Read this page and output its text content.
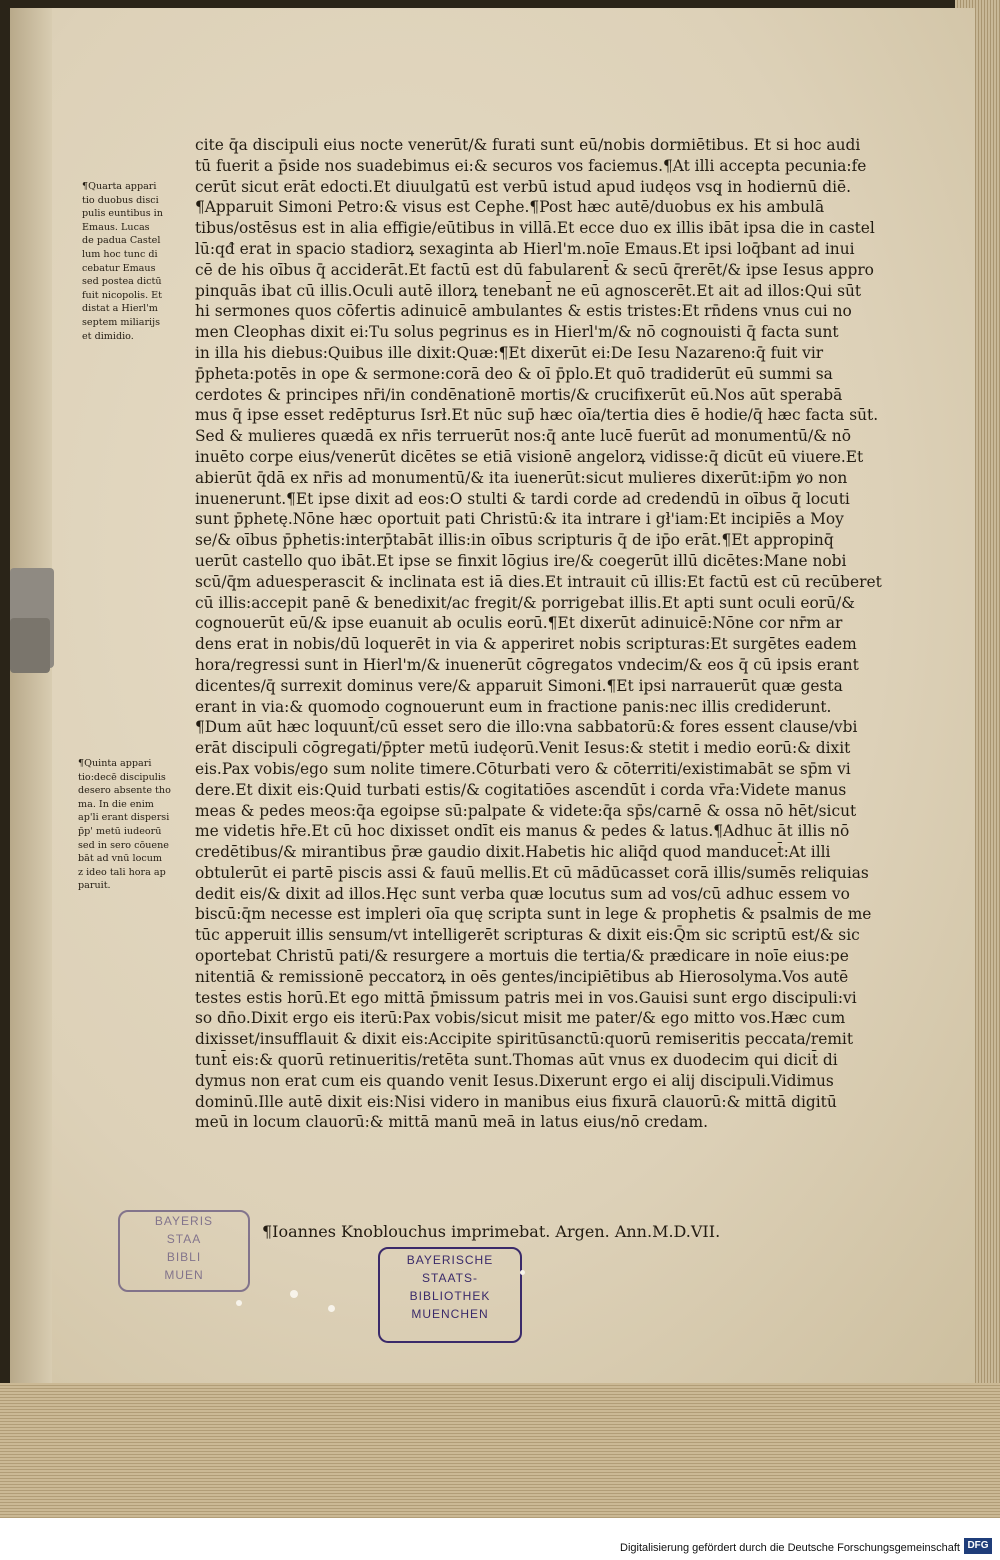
¶Quarta appari
tio duobus disci
pulis euntibus in
Emaus. Lucas
de padua Castel
lum hoc tunc di
cebatur Emaus
sed postea dictū
fuit nicopolis. Et
distat a Hierl'm
septem miliarijs
et dimidio.
¶Quinta appari
tio:decē discipulis
desero absente tho
ma. In die enim
ap'li erant dispersi
p̄p' metū iudeorū
sed in sero cōuene
bāt ad vnū locum
z ideo tali hora ap
paruit.
cite q̄a discipuli eius nocte venerūt/& furati sunt eū/nobis dormiētibus. Et si hoc audi
tū fuerit a p̄side nos suadebimus ei:& securos vos faciemus.¶At illi accepta pecunia:fe
cerūt sicut erāt edocti.Et diuulgatū est verbū istud apud iudęos vsq̧ in hodiernū diē.
¶Apparuit Simoni Petro:& visus est Cephe.¶Post hæc autē/duobus ex his ambulā
tibus/ostēsus est in alia effigie/eūtibus in villā.Et ecce duo ex illis ibāt ipsa die in castel
lū:qđ erat in spacio stadiorꝝ sexaginta ab Hierl'm.noīe Emaus.Et ipsi loq̄bant ad inui
cē de his oībus q̄ acciderāt.Et factū est dū fabularent̄ & secū q̄rerēt/& ipse Iesus appro
pinquās ibat cū illis.Oculi autē illorꝝ tenebant̄ ne eū agnoscerēt.Et ait ad illos:Qui sūt
hi sermones quos cōfertis adinuicē ambulantes & estis tristes:Et rn̄dens vnus cui no
men Cleophas dixit ei:Tu solus pegrinus es in Hierl'm/& nō cognouisti q̄ facta sunt
in illa his diebus:Quibus ille dixit:Quæ:¶Et dixerūt ei:De Iesu Nazareno:q̄ fuit vir
p̄pheta:potēs in ope & sermone:corā deo & oī p̄plo.Et quō tradiderūt eū summi sa
cerdotes & principes nr̄i/in condēnationē mortis/& crucifixerūt eū.Nos aūt sperabā
mus q̄ ipse esset redēpturus Isrł.Et nūc sup̄ hæc oīa/tertia dies ē hodie/q̄ hæc facta sūt.
Sed & mulieres quædā ex nr̄is terruerūt nos:q̄ ante lucē fuerūt ad monumentū/& nō
inuēto corpe eius/venerūt dicētes se etiā visionē angelorꝝ vidisse:q̄ dicūt eū viuere.Et
abierūt q̄dā ex nr̄is ad monumentū/& ita iuenerūt:sicut mulieres dixerūt:ip̄m ꝟo non
inuenerunt.¶Et ipse dixit ad eos:O stulti & tardi corde ad credendū in oībus q̄ locuti
sunt p̄phetę.Nōne hæc oportuit pati Christū:& ita intrare i gł'iam:Et incipiēs a Moy
se/& oībus p̄phetis:interp̄tabāt illis:in oībus scripturis q̄ de ip̄o erāt.¶Et appropinq̄
uerūt castello quo ibāt.Et ipse se finxit lōgius ire/& coegerūt illū dicētes:Mane nobi
scū/q̄m aduesperascit & inclinata est iā dies.Et intrauit cū illis:Et factū est cū recūberet
cū illis:accepit panē & benedixit/ac fregit/& porrigebat illis.Et apti sunt oculi eorū/&
cognouerūt eū/& ipse euanuit ab oculis eorū.¶Et dixerūt adinuicē:Nōne cor nr̄m ar
dens erat in nobis/dū loquerēt in via & apperiret nobis scripturas:Et surgētes eadem
hora/regressi sunt in Hierl'm/& inuenerūt cōgregatos vndecim/& eos q̄ cū ipsis erant
dicentes/q̄ surrexit dominus vere/& apparuit Simoni.¶Et ipsi narrauerūt quæ gesta
erant in via:& quomodo cognouerunt eum in fractione panis:nec illis crediderunt.
¶Dum aūt hæc loquunt̄/cū esset sero die illo:vna sabbatorū:& fores essent clause/vbi
erāt discipuli cōgregati/p̄pter metū iudęorū.Venit Iesus:& stetit i medio eorū:& dixit
eis.Pax vobis/ego sum nolite timere.Cōturbati vero & cōterriti/existimabāt se sp̄m vi
dere.Et dixit eis:Quid turbati estis/& cogitatiōes ascendūt i corda vr̄a:Videte manus
meas & pedes meos:q̄a egoipse sū:palpate & videte:q̄a sp̄s/carnē & ossa nō hēt/sicut
me videtis hr̄e.Et cū hoc dixisset ondīt eis manus & pedes & latus.¶Adhuc āt illis nō
credētibus/& mirantibus p̄ræ gaudio dixit.Habetis hic aliq̄d quod manducet̄:At illi
obtulerūt ei partē piscis assi & fauū mellis.Et cū mādūcasset corā illis/sumēs reliquias
dedit eis/& dixit ad illos.Hęc sunt verba quæ locutus sum ad vos/cū adhuc essem vo
biscū:q̄m necesse est impleri oīa quę scripta sunt in lege & prophetis & psalmis de me
tūc apperuit illis sensum/vt intelligerēt scripturas & dixit eis:Q̄m sic scriptū est/& sic
oportebat Christū pati/& resurgere a mortuis die tertia/& prædicare in noīe eius:pe
nitentiā & remissionē peccatorꝝ in oēs gentes/incipiētibus ab Hierosolyma.Vos autē
testes estis horū.Et ego mittā p̄missum patris mei in vos.Gauisi sunt ergo discipuli:vi
so dn̄o.Dixit ergo eis iterū:Pax vobis/sicut misit me pater/& ego mitto vos.Hæc cum
dixisset/insufflauit & dixit eis:Accipite spiritūsanctū:quorū remiseritis peccata/remit
tunt̄ eis:& quorū retinueritis/retēta sunt.Thomas aūt vnus ex duodecim qui dicit̄ di
dymus non erat cum eis quando venit Iesus.Dixerunt ergo ei alij discipuli.Vidimus
dominū.Ille autē dixit eis:Nisi videro in manibus eius fixurā clauorū:& mittā digitū
meū in locum clauorū:& mittā manū meā in latus eius/nō credam.
¶Ioannes Knoblouchus imprimebat. Argen. Ann.M.D.VII.
BAYERIS
STAA
BIBLI
MUEN
BAYERISCHE
STAATS-
BIBLIOTHEK
MUENCHEN
Digitalisierung gefördert durch die Deutsche Forschungsgemeinschaft DFG
